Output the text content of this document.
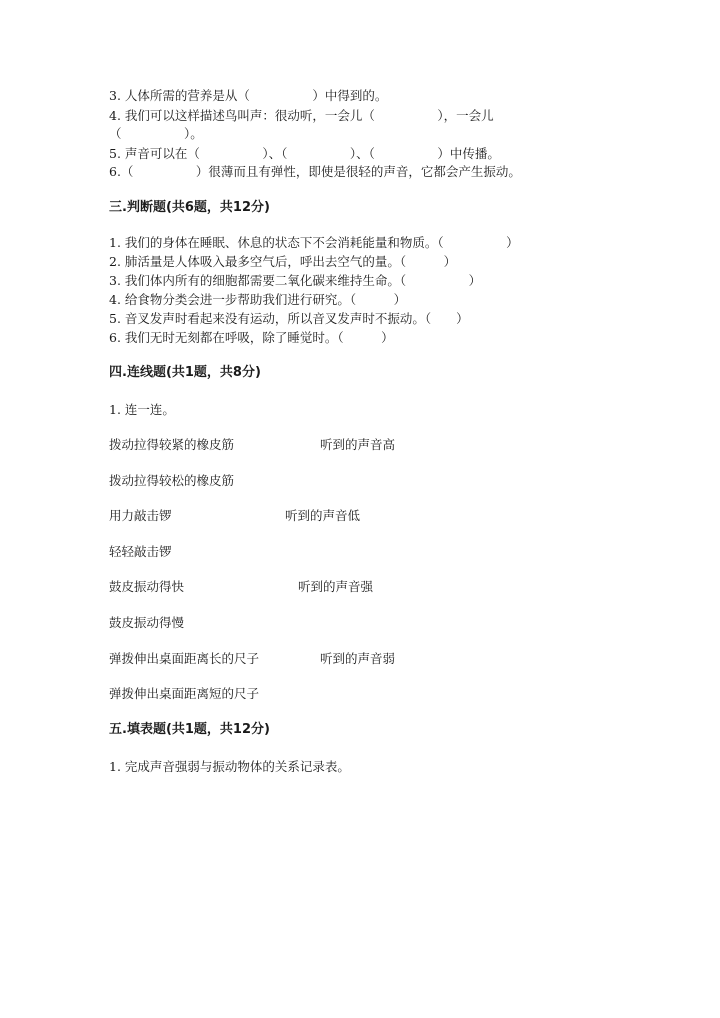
3. 人体所需的营养是从（　　　　　）中得到的。
4. 我们可以这样描述鸟叫声：很动听，一会儿（　　　　　），一会儿
（　　　　　）。
5. 声音可以在（　　　　　）、（　　　　　）、（　　　　　）中传播。
6.（　　　　　）很薄而且有弹性，即使是很轻的声音，它都会产生振动。
三.判断题(共6题，共12分)
1. 我们的身体在睡眠、休息的状态下不会消耗能量和物质。（　　　　　）
2. 肺活量是人体吸入最多空气后，呼出去空气的量。（　　　）
3. 我们体内所有的细胞都需要二氧化碳来维持生命。（　　　　　）
4. 给食物分类会进一步帮助我们进行研究。（　　　）
5. 音叉发声时看起来没有运动，所以音叉发声时不振动。（　　）
6. 我们无时无刻都在呼吸，除了睡觉时。（　　　）
四.连线题(共1题，共8分)
1. 连一连。
拨动拉得较紧的橡皮筋	听到的声音高
拨动拉得较松的橡皮筋
用力敲击锣	听到的声音低
轻轻敲击锣
鼓皮振动得快	听到的声音强
鼓皮振动得慢
弹拨伸出桌面距离长的尺子	听到的声音弱
弹拨伸出桌面距离短的尺子
五.填表题(共1题，共12分)
1. 完成声音强弱与振动物体的关系记录表。
